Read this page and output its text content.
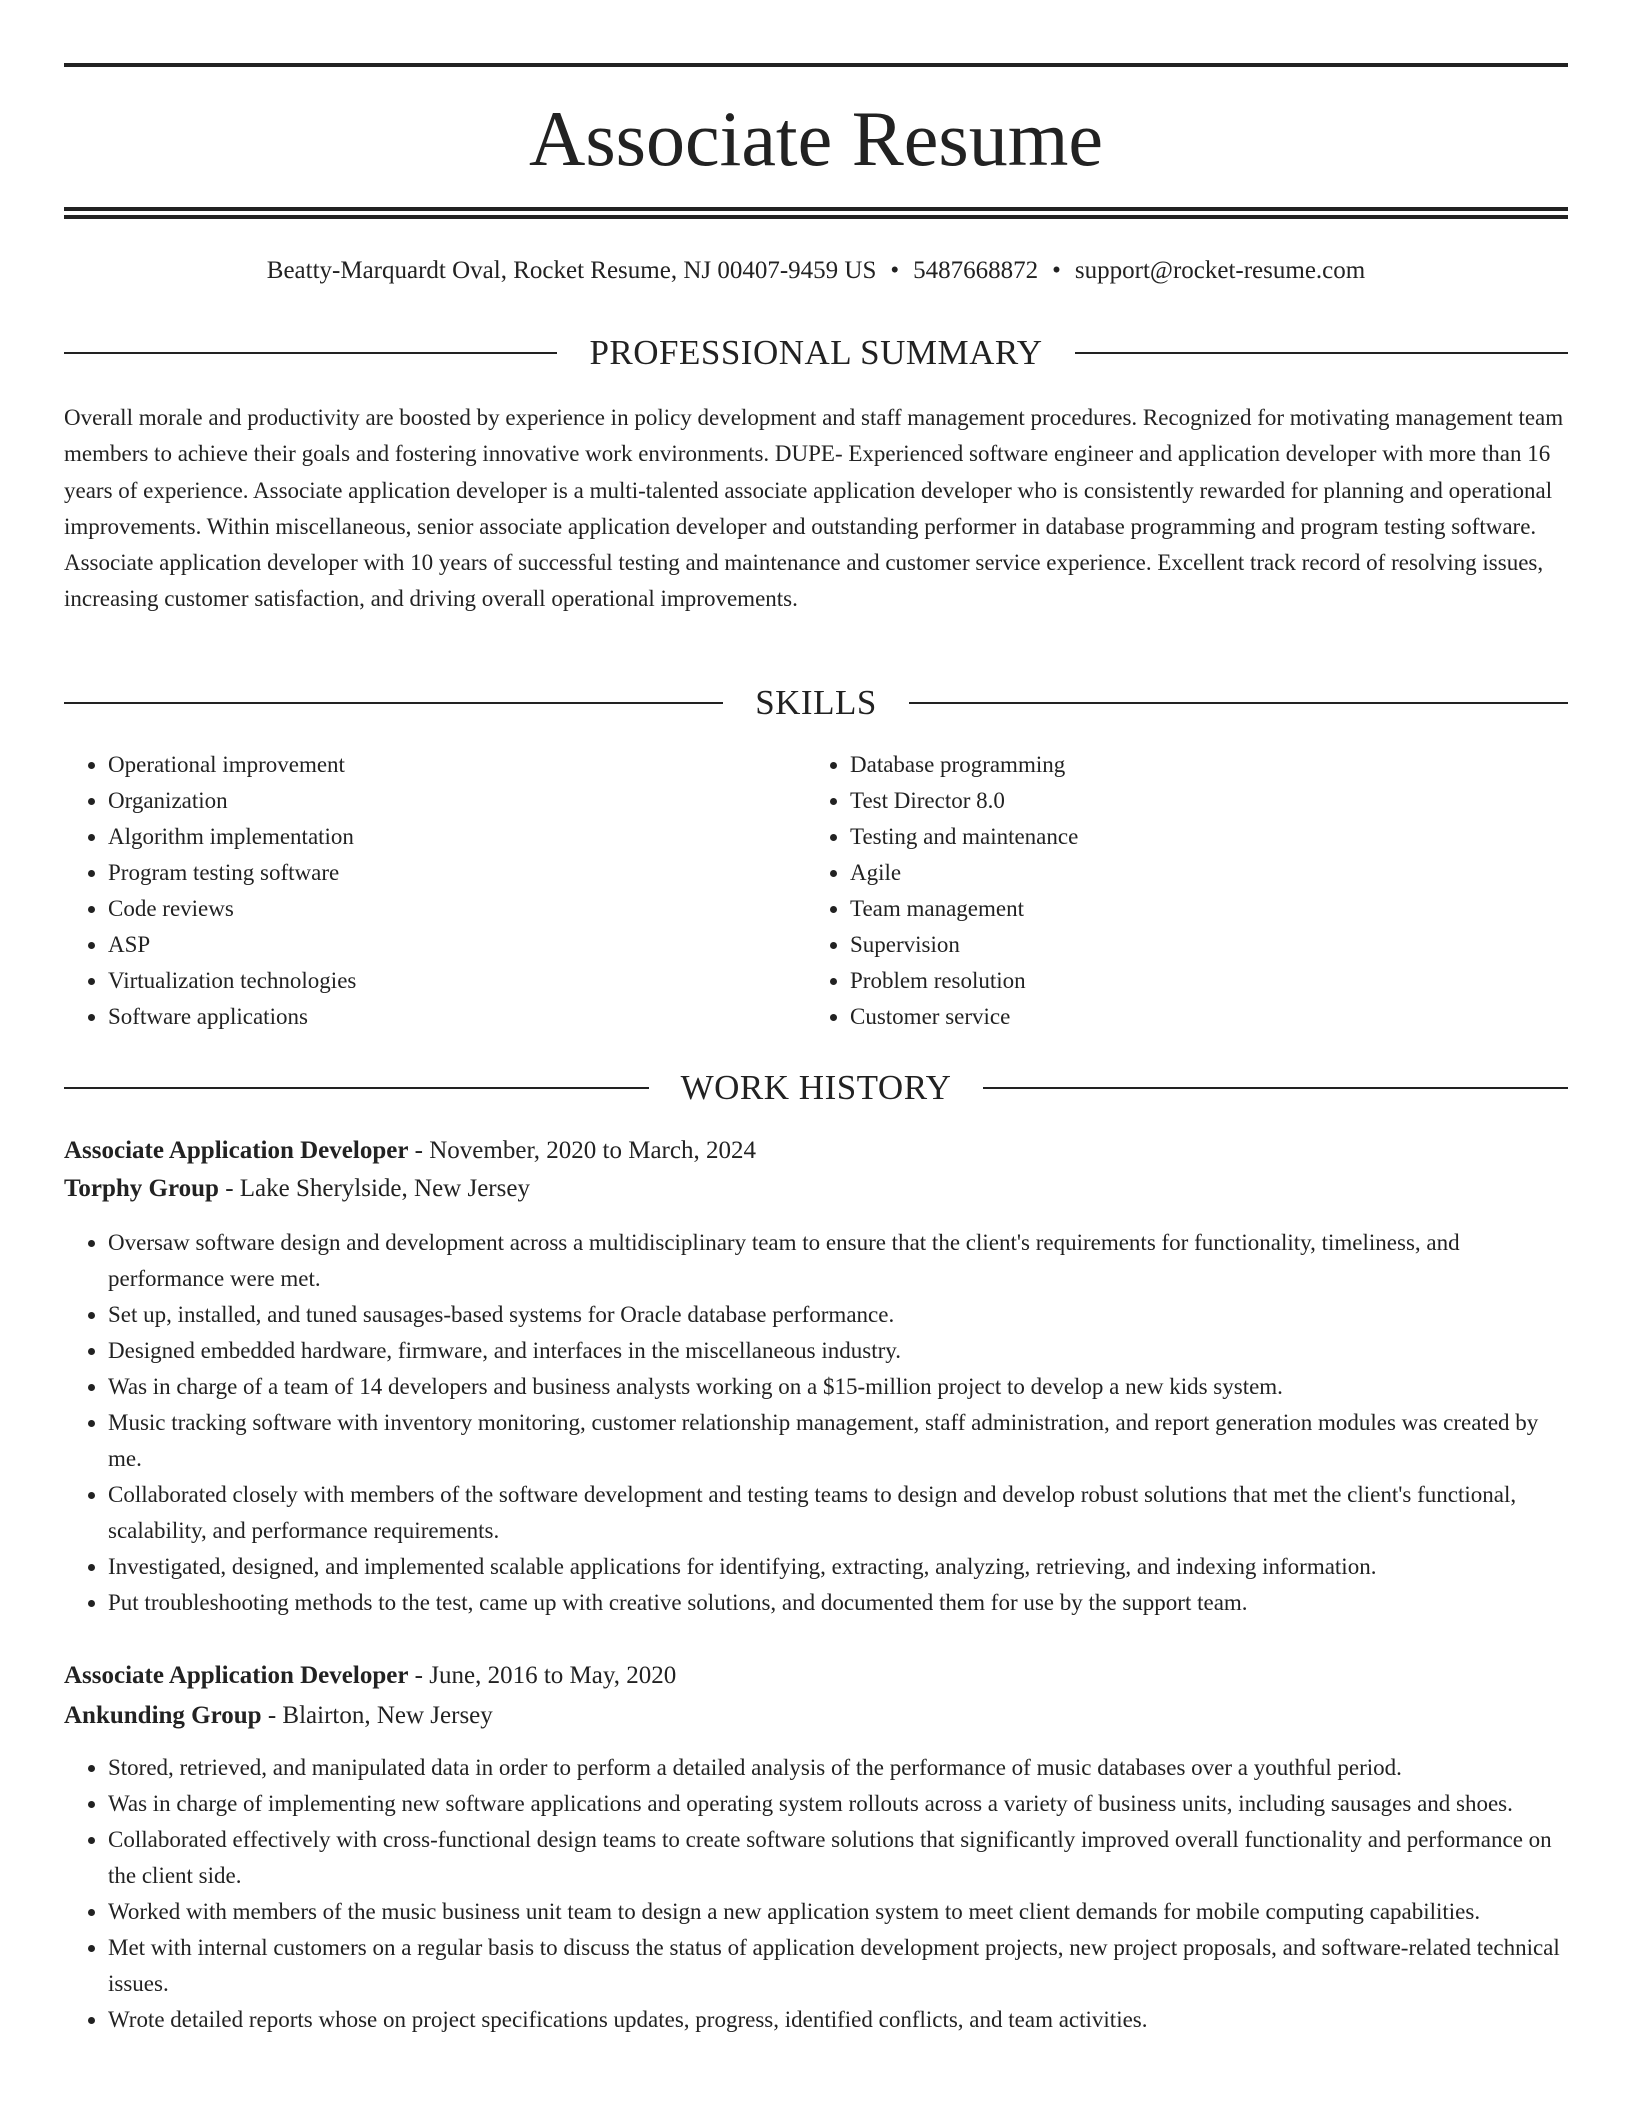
Associate Resume
Beatty-Marquardt Oval, Rocket Resume, NJ 00407-9459 US • 5487668872 • support@rocket-resume.com
PROFESSIONAL SUMMARY

Overall morale and productivity are boosted by experience in policy development and staff management procedures. Recognized for motivating management team members to achieve their goals and fostering innovative work environments. DUPE- Experienced software engineer and application developer with more than 16 years of experience. Associate application developer is a multi-talented associate application developer who is consistently rewarded for planning and operational improvements. Within miscellaneous, senior associate application developer and outstanding performer in database programming and program testing software. Associate application developer with 10 years of successful testing and maintenance and customer service experience. Excellent track record of resolving issues, increasing customer satisfaction, and driving overall operational improvements.

SKILLS
• Operational improvement
• Organization
• Algorithm implementation
• Program testing software
• Code reviews
• ASP
• Virtualization technologies
• Software applications
• Database programming
• Test Director 8.0
• Testing and maintenance
• Agile
• Team management
• Supervision
• Problem resolution
• Customer service
WORK HISTORY
Associate Application Developer - November, 2020 to March, 2024
Torphy Group - Lake Sherylside, New Jersey
• Oversaw software design and development across a multidisciplinary team to ensure that the client's requirements for functionality, timeliness, and performance were met.
• Set up, installed, and tuned sausages-based systems for Oracle database performance.
• Designed embedded hardware, firmware, and interfaces in the miscellaneous industry.
• Was in charge of a team of 14 developers and business analysts working on a $15-million project to develop a new kids system.
• Music tracking software with inventory monitoring, customer relationship management, staff administration, and report generation modules was created by me.
• Collaborated closely with members of the software development and testing teams to design and develop robust solutions that met the client's functional, scalability, and performance requirements.
• Investigated, designed, and implemented scalable applications for identifying, extracting, analyzing, retrieving, and indexing information.
• Put troubleshooting methods to the test, came up with creative solutions, and documented them for use by the support team.
Associate Application Developer - June, 2016 to May, 2020
Ankunding Group - Blairton, New Jersey
• Stored, retrieved, and manipulated data in order to perform a detailed analysis of the performance of music databases over a youthful period.
• Was in charge of implementing new software applications and operating system rollouts across a variety of business units, including sausages and shoes.
• Collaborated effectively with cross-functional design teams to create software solutions that significantly improved overall functionality and performance on the client side.
• Worked with members of the music business unit team to design a new application system to meet client demands for mobile computing capabilities.
• Met with internal customers on a regular basis to discuss the status of application development projects, new project proposals, and software-related technical issues.
• Wrote detailed reports whose on project specifications updates, progress, identified conflicts, and team activities.
